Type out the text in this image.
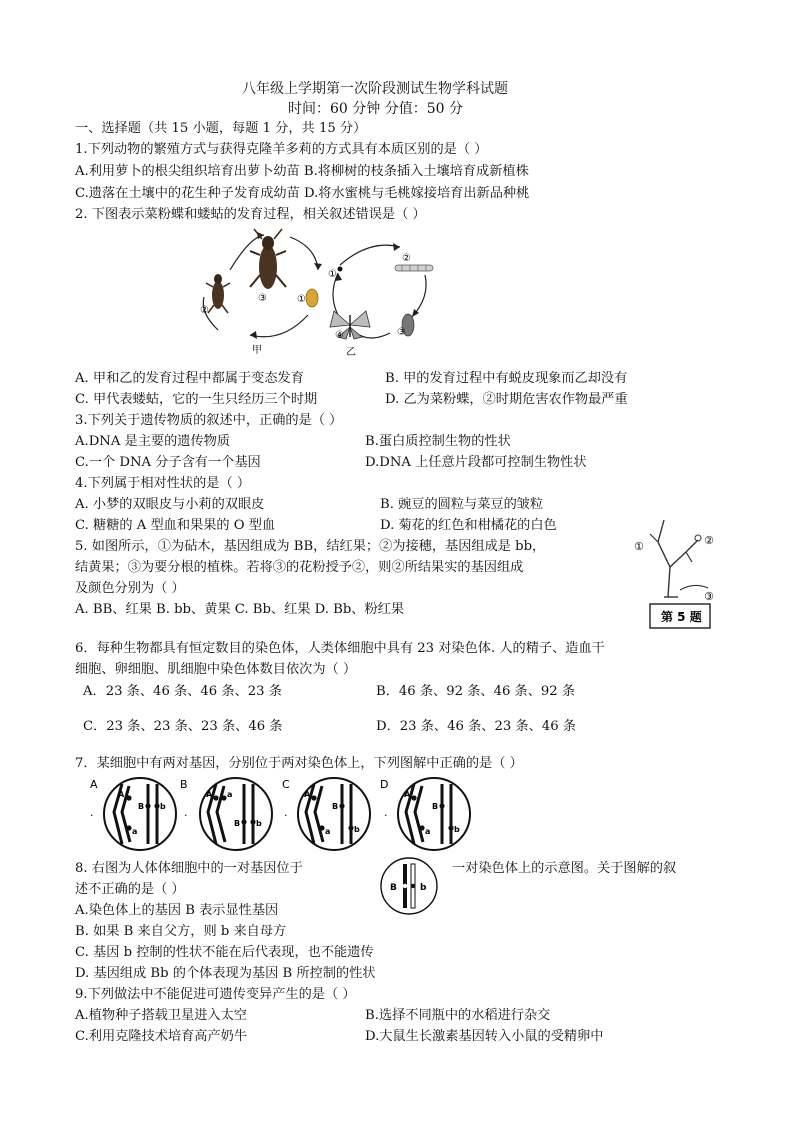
八年级上学期第一次阶段测试生物学科试题
时间：60 分钟 分值：50 分
一、选择题（共 15 小题，每题 1 分，共 15 分）
1.下列动物的繁殖方式与获得克隆羊多莉的方式具有本质区别的是（ ）
A.利用萝卜的根尖组织培育出萝卜幼苗 B.将柳树的枝条插入土壤培育成新植株
C.遗落在土壤中的花生种子发育成幼苗 D.将水蜜桃与毛桃嫁接培育出新品种桃
2. 下图表示菜粉蝶和蝼蛄的发育过程，相关叙述错误是（ ）
①
②
③
甲
①
②
③
④
乙
A. 甲和乙的发育过程中都属于变态发育	B. 甲的发育过程中有蜕皮现象而乙却没有
C. 甲代表蝼蛄，它的一生只经历三个时期	D. 乙为菜粉蝶，②时期危害农作物最严重
3.下列关于遗传物质的叙述中，正确的是（ ）
A.DNA 是主要的遗传物质	B.蛋白质控制生物的性状
C.一个 DNA 分子含有一个基因	D.DNA 上任意片段都可控制生物性状
4.下列属于相对性状的是（ ）
A. 小梦的双眼皮与小莉的双眼皮	B. 豌豆的圆粒与菜豆的皱粒
C. 糖糖的 A 型血和果果的 O 型血	D. 菊花的红色和柑橘花的白色
5. 如图所示，①为砧木，基因组成为 BB，结红果；②为接穗，基因组成是 bb，
结黄果；③为要分根的植株。若将③的花粉授予②，则②所结果实的基因组成
及颜色分别为（ ）
A. BB、红果 B. bb、黄果 C. Bb、红果 D. Bb、粉红果
①	②
③
第 5 题
6．每种生物都具有恒定数目的染色体，人类体细胞中具有 23 对染色体. 人的精子、造血干
细胞、卵细胞、肌细胞中染色体数目依次为（ ）
A．23 条、46 条、46 条、23 条	B．46 条、92 条、46 条、92 条
C．23 条、23 条、23 条、46 条	D．23 条、46 条、23 条、46 条
7．某细胞中有两对基因，分别位于两对染色体上，下列图解中正确的是（ ）
A
.
A
a
B b
B
.
A a
B b
C
.
A
B
b
a
D
.
A
a
B
b
8. 右图为人体体细胞中的一对基因位于
B	b
一对染色体上的示意图。关于图解的叙
述不正确的是（ ）
A.染色体上的基因 B 表示显性基因
B. 如果 B 来自父方，则 b 来自母方
C. 基因 b 控制的性状不能在后代表现，也不能遗传
D. 基因组成 Bb 的个体表现为基因 B 所控制的性状
9.下列做法中不能促进可遗传变异产生的是（ ）
A.植物种子搭载卫星进入太空	B.选择不同瓶中的水稻进行杂交
C.利用克隆技术培育高产奶牛	D.大鼠生长激素基因转入小鼠的受精卵中
